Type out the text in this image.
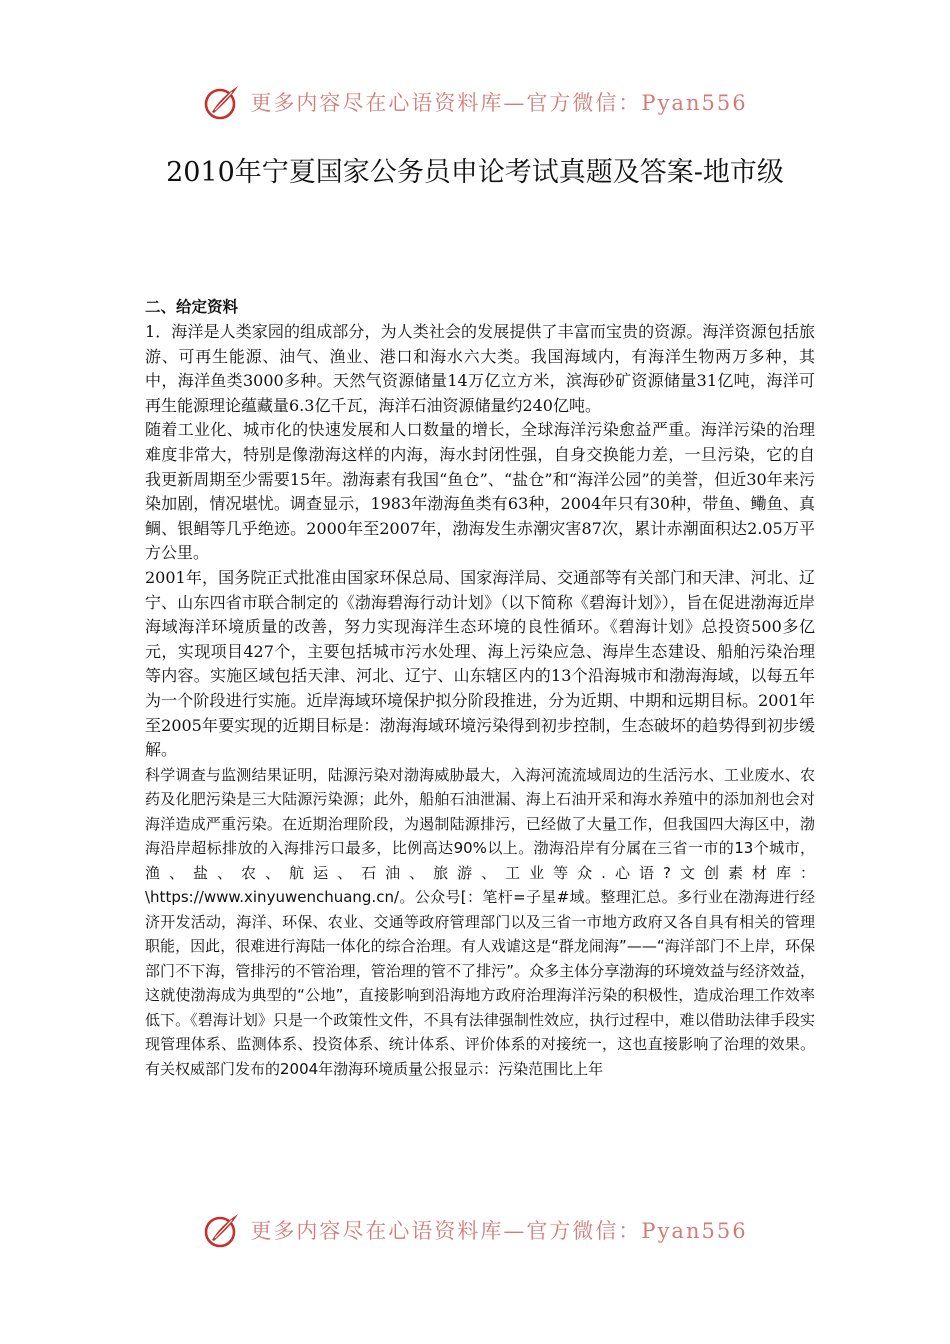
更多内容尽在心语资料库—官方微信：Pyan556
2010年宁夏国家公务员申论考试真题及答案-地市级

二、给定资料

1．海洋是人类家园的组成部分，为人类社会的发展提供了丰富而宝贵的资源。海洋资源包括旅游、可再生能源、油气、渔业、港口和海水六大类。我国海域内，有海洋生物两万多种，其中，海洋鱼类3000多种。天然气资源储量14万亿立方米，滨海砂矿资源储量31亿吨，海洋可再生能源理论蕴藏量6.3亿千瓦，海洋石油资源储量约240亿吨。

随着工业化、城市化的快速发展和人口数量的增长，全球海洋污染愈益严重。海洋污染的治理难度非常大，特别是像渤海这样的内海，海水封闭性强，自身交换能力差，一旦污染，它的自我更新周期至少需要15年。渤海素有我国“鱼仓”、“盐仓”和“海洋公园”的美誉，但近30年来污染加剧，情况堪忧。调查显示，1983年渤海鱼类有63种，2004年只有30种，带鱼、鳓鱼、真鲷、银鲳等几乎绝迹。2000年至2007年，渤海发生赤潮灾害87次，累计赤潮面积达2.05万平方公里。

2001年，国务院正式批准由国家环保总局、国家海洋局、交通部等有关部门和天津、河北、辽宁、山东四省市联合制定的《渤海碧海行动计划》（以下简称《碧海计划》），旨在促进渤海近岸海域海洋环境质量的改善，努力实现海洋生态环境的良性循环。《碧海计划》总投资500多亿元，实现项目427个，主要包括城市污水处理、海上污染应急、海岸生态建设、船舶污染治理等内容。实施区域包括天津、河北、辽宁、山东辖区内的13个沿海城市和渤海海域，以每五年为一个阶段进行实施。近岸海域环境保护拟分阶段推进，分为近期、中期和远期目标。2001年至2005年要实现的近期目标是：渤海海域环境污染得到初步控制，生态破坏的趋势得到初步缓解。

科学调查与监测结果证明，陆源污染对渤海威胁最大，入海河流流域周边的生活污水、工业废水、农药及化肥污染是三大陆源污染源；此外，船舶石油泄漏、海上石油开采和海水养殖中的添加剂也会对海洋造成严重污染。在近期治理阶段，为遏制陆源排污，已经做了大量工作，但我国四大海区中，渤海沿岸超标排放的入海排污口最多，比例高达90%以上。渤海沿岸有分属在三省一市的13个城市，渔、盐、农、航运、石油、旅游、工业等众.心语?文创素材库：\https://www.xinyuwenchuang.cn/。公众号[：笔杆=子星#域。整理汇总。多行业在渤海进行经济开发活动，海洋、环保、农业、交通等政府管理部门以及三省一市地方政府又各自具有相关的管理职能，因此，很难进行海陆一体化的综合治理。有人戏谑这是“群龙闹海”——“海洋部门不上岸，环保部门不下海，管排污的不管治理，管治理的管不了排污”。众多主体分享渤海的环境效益与经济效益，这就使渤海成为典型的“公地”，直接影响到沿海地方政府治理海洋污染的积极性，造成治理工作效率低下。《碧海计划》只是一个政策性文件，不具有法律强制性效应，执行过程中，难以借助法律手段实现管理体系、监测体系、投资体系、统计体系、评价体系的对接统一，这也直接影响了治理的效果。有关权威部门发布的2004年渤海环境质量公报显示：污染范围比上年

更多内容尽在心语资料库—官方微信：Pyan556
